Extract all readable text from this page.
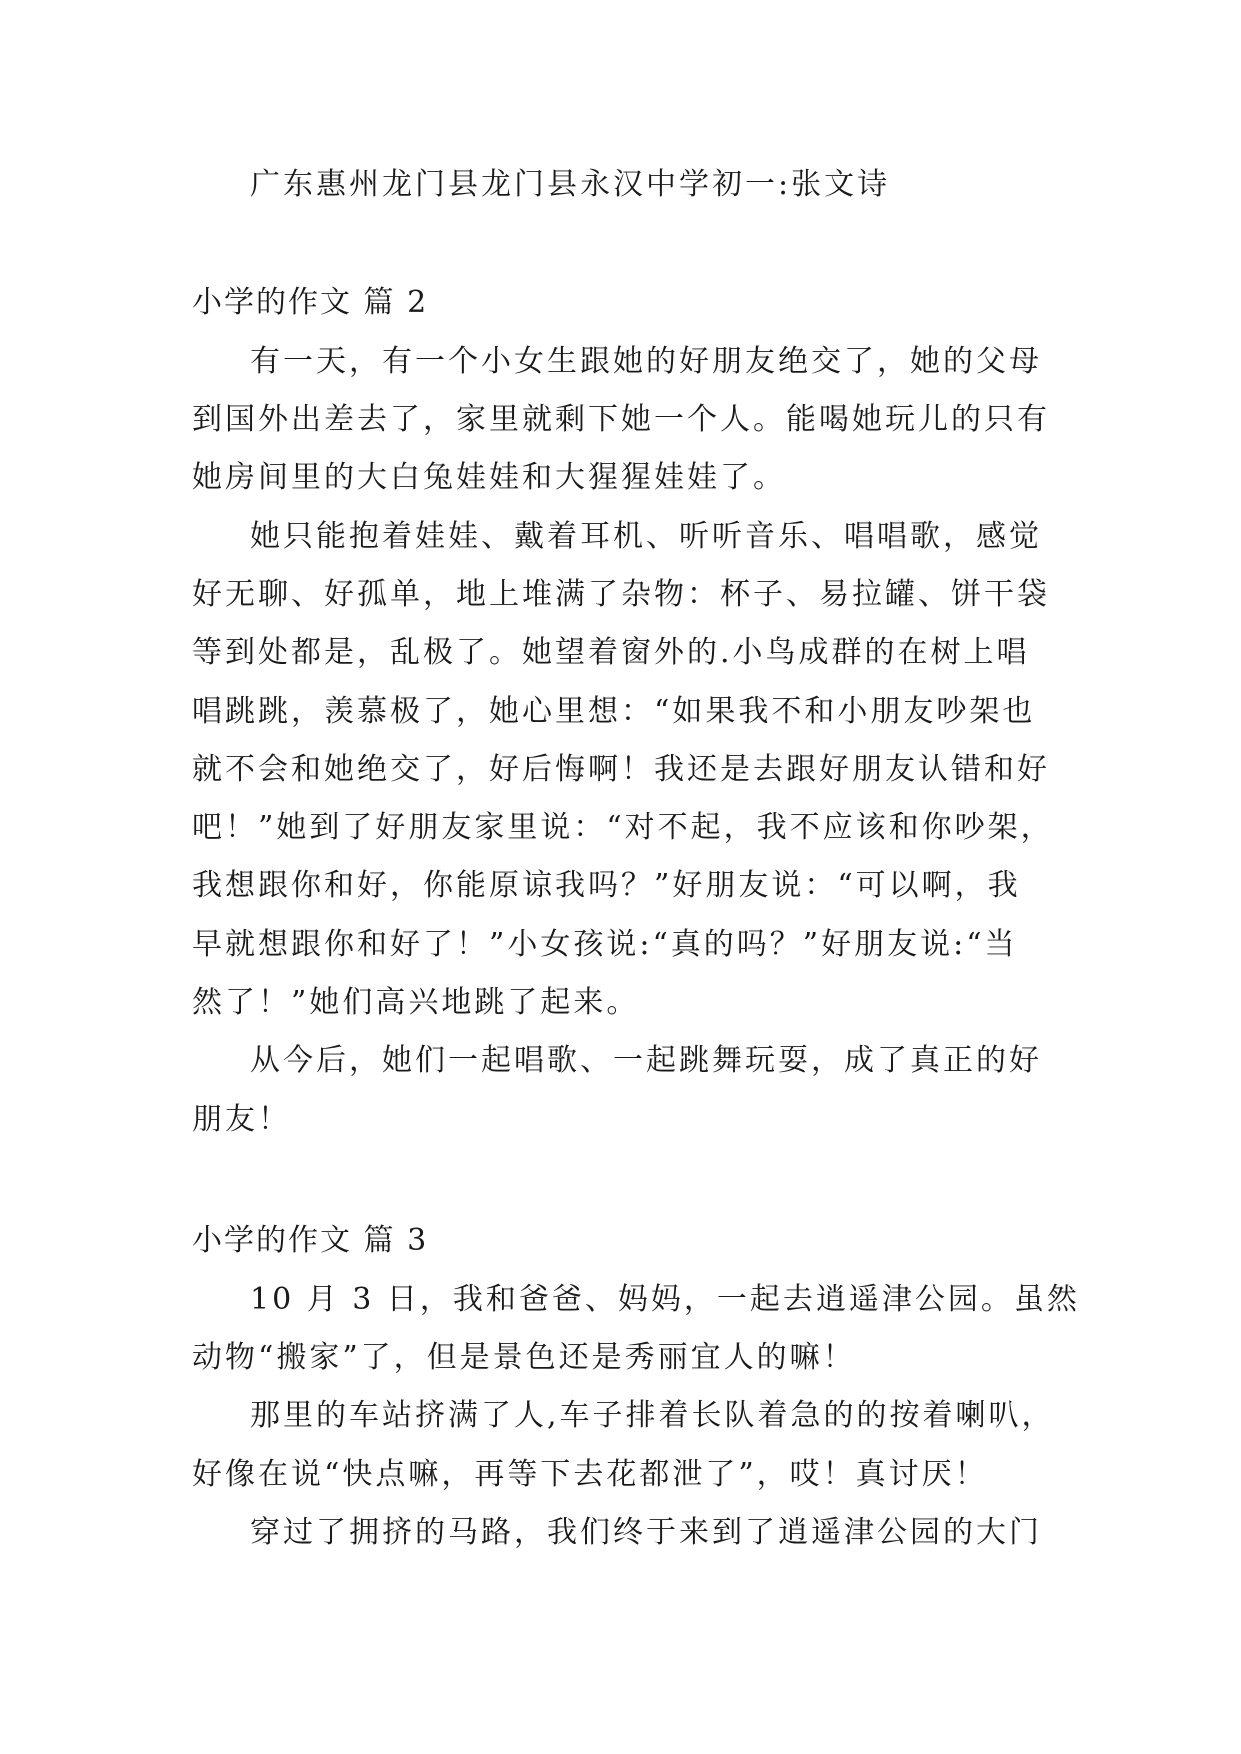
广东惠州龙门县龙门县永汉中学初一:张文诗
小学的作文 篇 2
有一天，有一个小女生跟她的好朋友绝交了，她的父母
到国外出差去了，家里就剩下她一个人。能喝她玩儿的只有
她房间里的大白兔娃娃和大猩猩娃娃了。
她只能抱着娃娃、戴着耳机、听听音乐、唱唱歌，感觉
好无聊、好孤单，地上堆满了杂物：杯子、易拉罐、饼干袋
等到处都是，乱极了。她望着窗外的.小鸟成群的在树上唱
唱跳跳，羡慕极了，她心里想：“如果我不和小朋友吵架也
就不会和她绝交了，好后悔啊！我还是去跟好朋友认错和好
吧！”她到了好朋友家里说：“对不起，我不应该和你吵架，
我想跟你和好，你能原谅我吗？”好朋友说：“可以啊，我
早就想跟你和好了！”小女孩说:“真的吗？”好朋友说:“当
然了！”她们高兴地跳了起来。
从今后，她们一起唱歌、一起跳舞玩耍，成了真正的好
朋友！
小学的作文 篇 3
10 月 3 日，我和爸爸、妈妈，一起去逍遥津公园。虽然
动物“搬家”了，但是景色还是秀丽宜人的嘛！
那里的车站挤满了人,车子排着长队着急的的按着喇叭，
好像在说“快点嘛，再等下去花都泄了”，哎！真讨厌！
穿过了拥挤的马路，我们终于来到了逍遥津公园的大门
